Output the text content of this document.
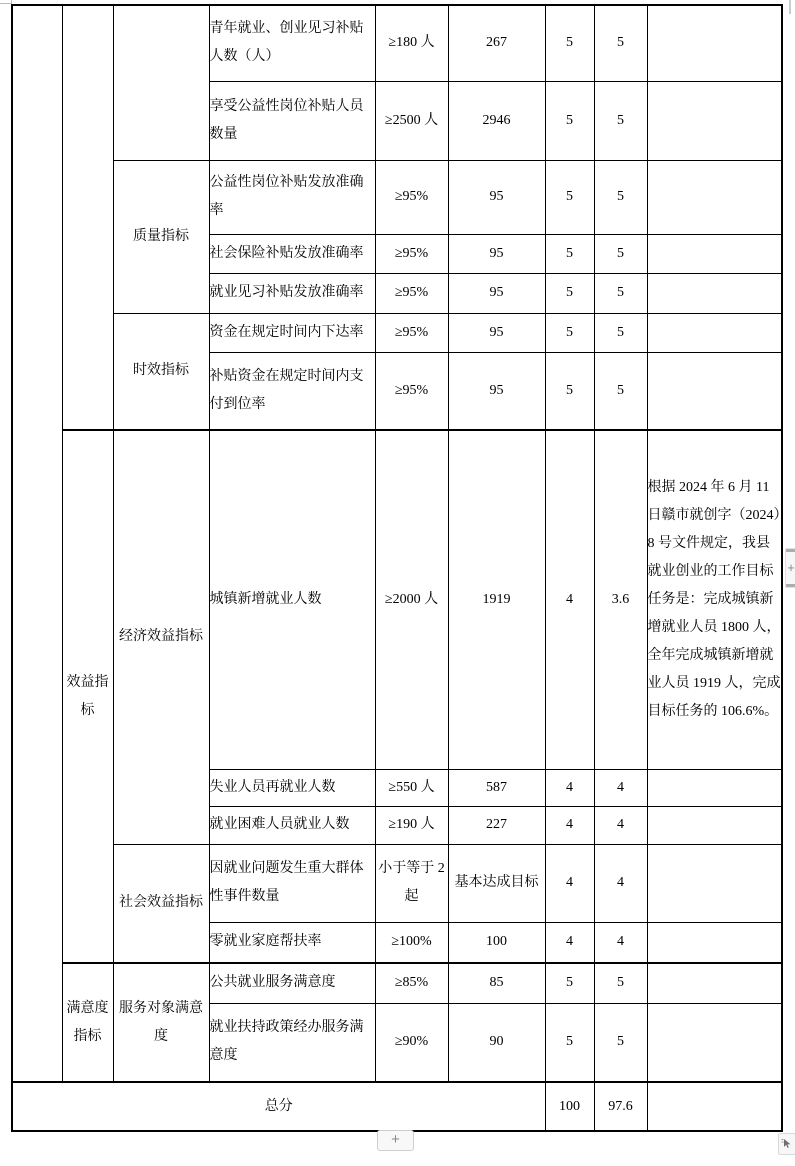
			青年就业、创业见习补贴人数（人）	≥180 人	267	5	5	
			享受公益性岗位补贴人员数量	≥2500 人	2946	5	5	
		质量指标	公益性岗位补贴发放准确率	≥95%	95	5	5	
			社会保险补贴发放准确率	≥95%	95	5	5	
			就业见习补贴发放准确率	≥95%	95	5	5	
		时效指标	资金在规定时间内下达率	≥95%	95	5	5	
			补贴资金在规定时间内支付到位率	≥95%	95	5	5	
	效益指标	经济效益指标	城镇新增就业人数	≥2000 人	1919	4	3.6	根据 2024 年 6 月 11 日赣市就创字（2024）8 号文件规定，我县就业创业的工作目标任务是：完成城镇新增就业人员 1800 人，全年完成城镇新增就业人员 1919 人，完成目标任务的 106.6%。
			失业人员再就业人数	≥550 人	587	4	4	
			就业困难人员就业人数	≥190 人	227	4	4	
		社会效益指标	因就业问题发生重大群体性事件数量	小于等于 2 起	基本达成目标	4	4	
			零就业家庭帮扶率	≥100%	100	4	4	
	满意度指标	服务对象满意度	公共就业服务满意度	≥85%	85	5	5	
			就业扶持政策经办服务满意度	≥90%	90	5	5	
总分						100	97.6	
+
+
